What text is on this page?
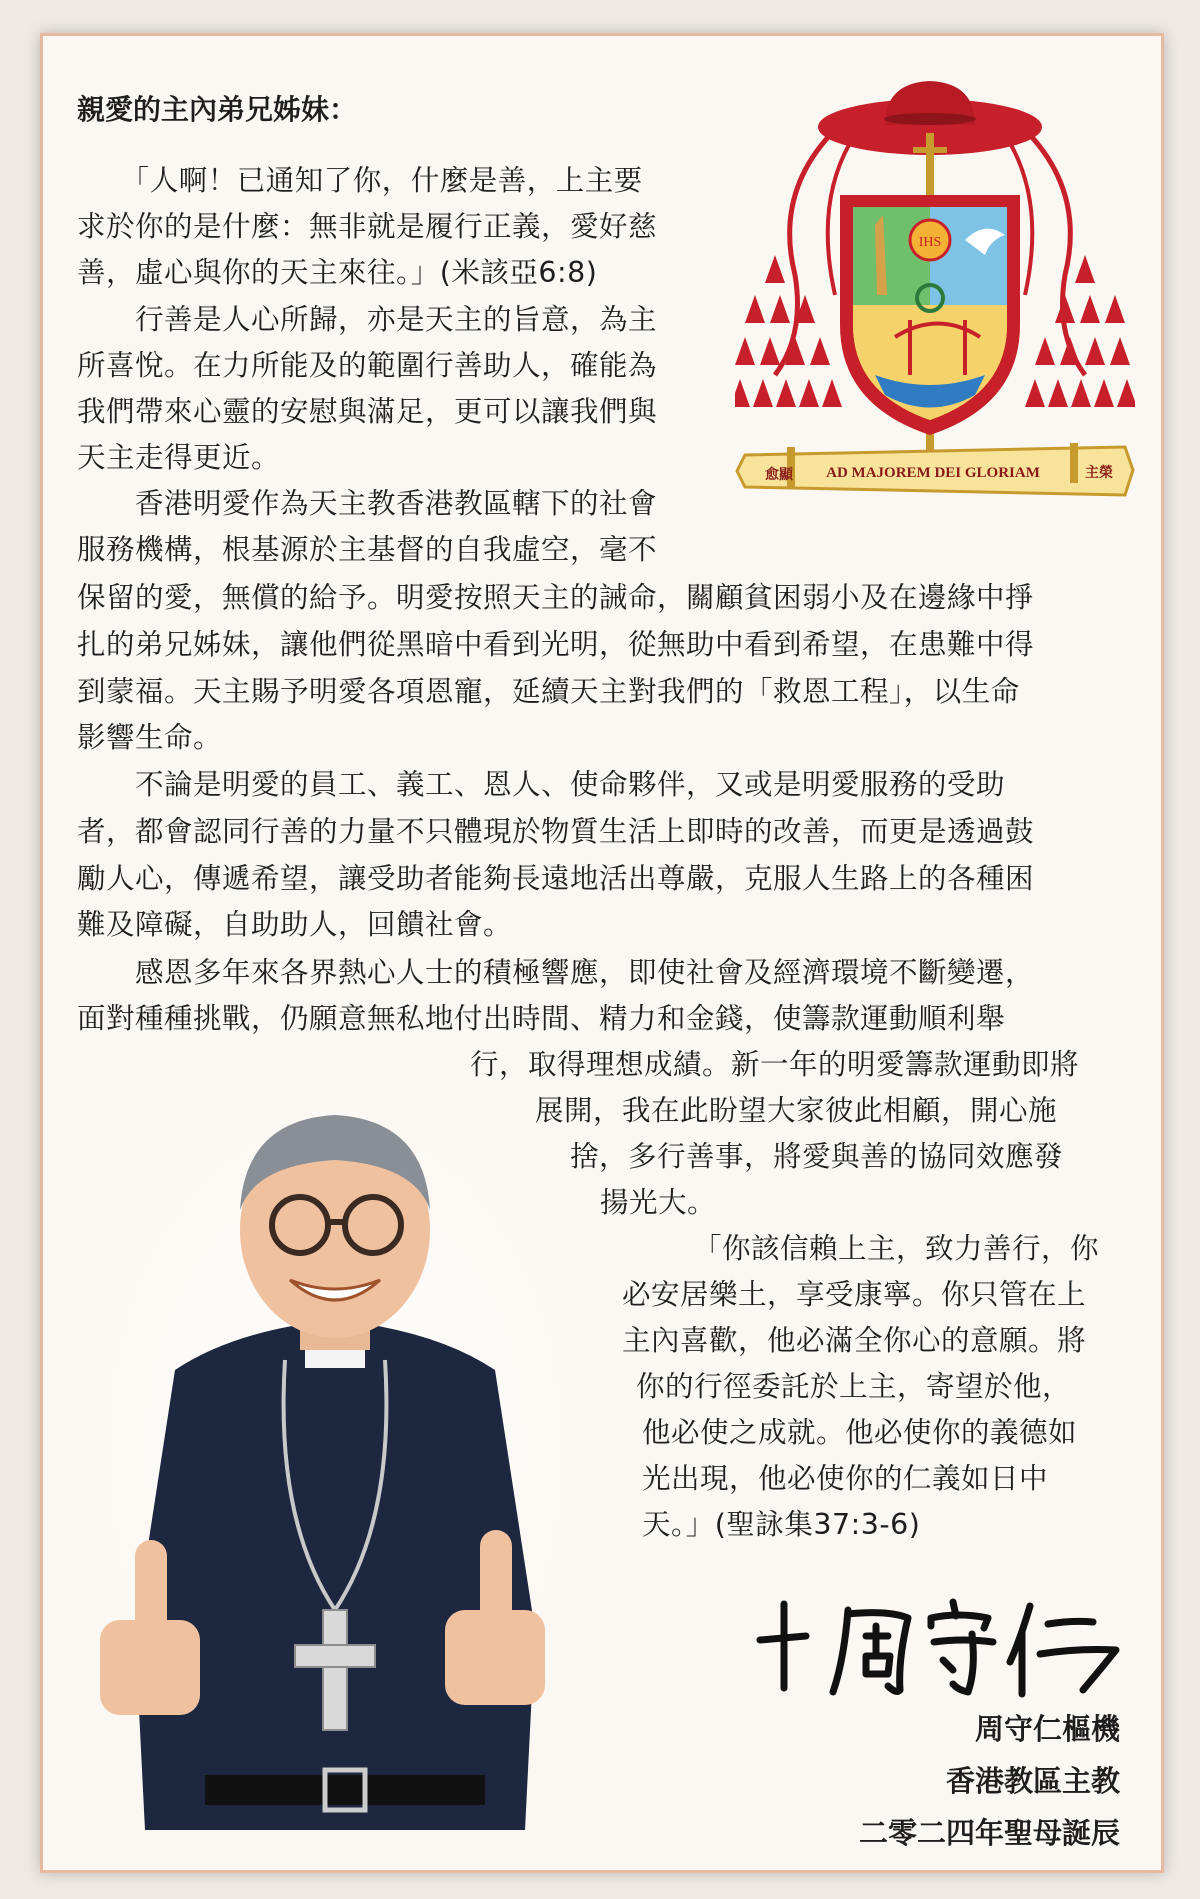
親愛的主內弟兄姊妹：
　　「人啊！已通知了你，什麼是善，上主要
求於你的是什麼：無非就是履行正義，愛好慈
善，虛心與你的天主來往。」(米該亞6:8)
　　行善是人心所歸，亦是天主的旨意，為主
所喜悅。在力所能及的範圍行善助人，確能為
我們帶來心靈的安慰與滿足，更可以讓我們與
天主走得更近。
　　香港明愛作為天主教香港教區轄下的社會
服務機構，根基源於主基督的自我虛空，毫不
保留的愛，無償的給予。明愛按照天主的誡命，關顧貧困弱小及在邊緣中掙
扎的弟兄姊妹，讓他們從黑暗中看到光明，從無助中看到希望，在患難中得
到蒙福。天主賜予明愛各項恩寵，延續天主對我們的「救恩工程」，以生命
影響生命。
　　不論是明愛的員工、義工、恩人、使命夥伴，又或是明愛服務的受助
者，都會認同行善的力量不只體現於物質生活上即時的改善，而更是透過鼓
勵人心，傳遞希望，讓受助者能夠長遠地活出尊嚴，克服人生路上的各種困
難及障礙，自助助人，回饋社會。
　　感恩多年來各界熱心人士的積極響應，即使社會及經濟環境不斷變遷，
面對種種挑戰，仍願意無私地付出時間、精力和金錢，使籌款運動順利舉
行，取得理想成績。新一年的明愛籌款運動即將
展開，我在此盼望大家彼此相顧，開心施
捨，多行善事，將愛與善的協同效應發
揚光大。
「你該信賴上主，致力善行，你
必安居樂土，享受康寧。你只管在上
主內喜歡，他必滿全你心的意願。將
你的行徑委託於上主，寄望於他，
他必使之成就。他必使你的義德如
光出現，他必使你的仁義如日中
天。」(聖詠集37:3-6)
IHS
愈顯 AD MAJOREM DEI GLORIAM	主榮
周守仁樞機
香港教區主教
二零二四年聖母誕辰
